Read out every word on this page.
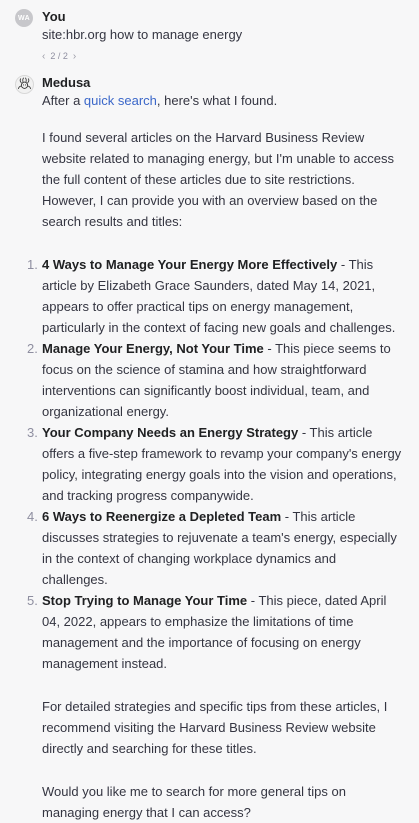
WA You
site:hbr.org how to manage energy
‹ 2 / 2 ›
Medusa

After a quick search, here's what I found.

I found several articles on the Harvard Business Review website related to managing energy, but I'm unable to access the full content of these articles due to site restrictions. However, I can provide you with an overview based on the search results and titles:

1. 4 Ways to Manage Your Energy More Effectively - This article by Elizabeth Grace Saunders, dated May 14, 2021, appears to offer practical tips on energy management, particularly in the context of facing new goals and challenges.
2. Manage Your Energy, Not Your Time - This piece seems to focus on the science of stamina and how straightforward interventions can significantly boost individual, team, and organizational energy.
3. Your Company Needs an Energy Strategy - This article offers a five-step framework to revamp your company's energy policy, integrating energy goals into the vision and operations, and tracking progress companywide.
4. 6 Ways to Reenergize a Depleted Team - This article discusses strategies to rejuvenate a team's energy, especially in the context of changing workplace dynamics and challenges.
5. Stop Trying to Manage Your Time - This piece, dated April 04, 2022, appears to emphasize the limitations of time management and the importance of focusing on energy management instead.

For detailed strategies and specific tips from these articles, I recommend visiting the Harvard Business Review website directly and searching for these titles.

Would you like me to search for more general tips on managing energy that I can access?
